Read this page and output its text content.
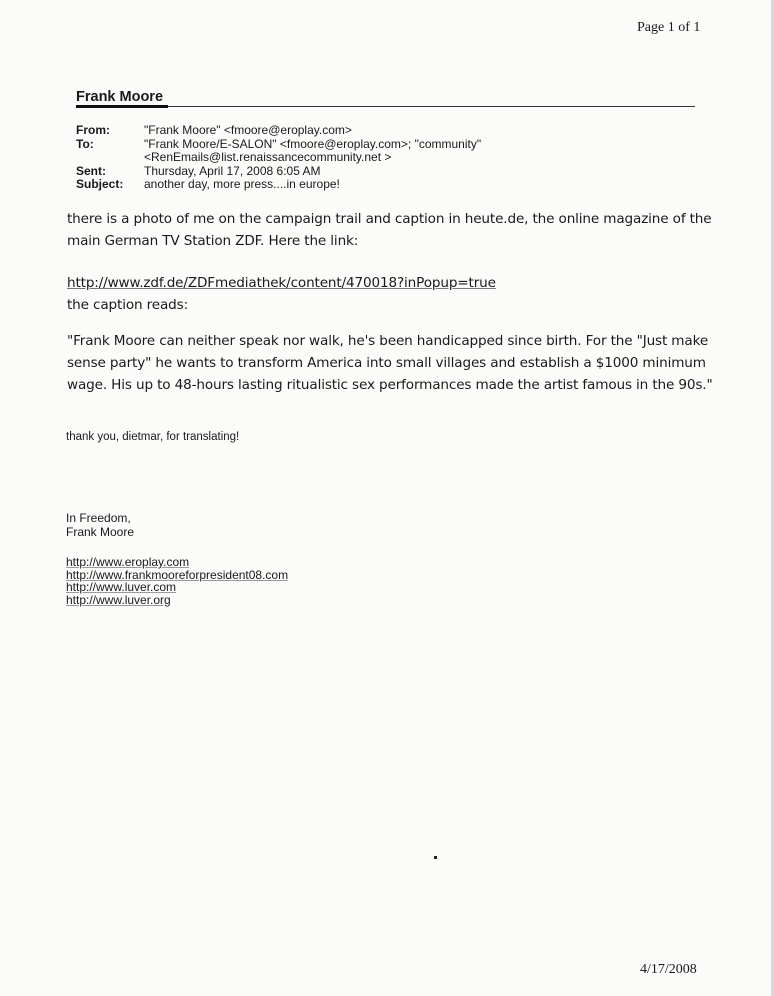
Page 1 of 1
Frank Moore
From:	"Frank Moore" <fmoore@eroplay.com>
To:	"Frank Moore/E-SALON" <fmoore@eroplay.com>; "community"
<RenEmails@list.renaissancecommunity.net >
Sent:	Thursday, April 17, 2008 6:05 AM
Subject:	another day, more press....in europe!
there is a photo of me on the campaign trail and caption in heute.de, the online magazine of the main German TV Station ZDF. Here the link:
http://www.zdf.de/ZDFmediathek/content/470018?inPopup=true
the caption reads:
"Frank Moore can neither speak nor walk, he's been handicapped since birth. For the "Just make sense party" he wants to transform America into small villages and establish a $1000 minimum wage. His up to 48-hours lasting ritualistic sex performances made the artist famous in the 90s."
thank you, dietmar, for translating!
In Freedom,
Frank Moore
http://www.eroplay.com
http://www.frankmooreforpresident08.com
http://www.luver.com
http://www.luver.org
4/17/2008
